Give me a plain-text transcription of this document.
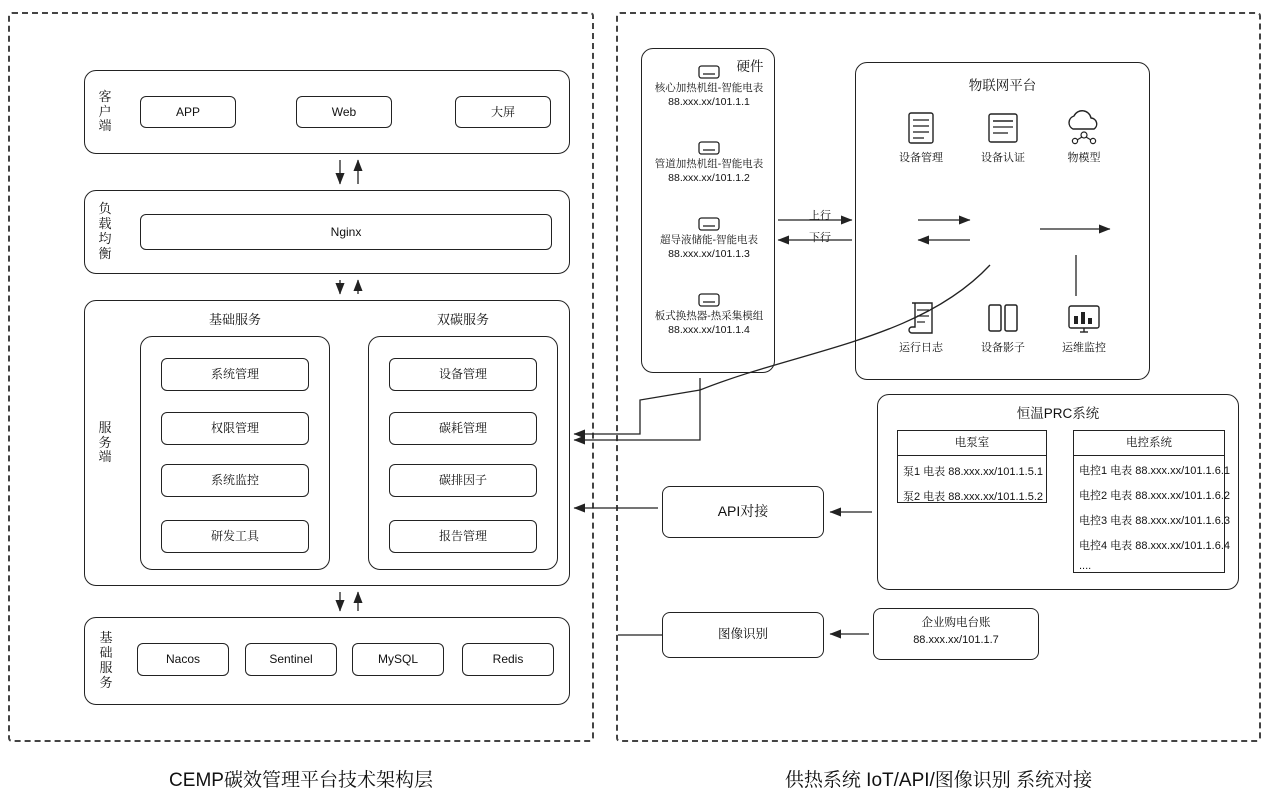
客户端
APP	Web	大屏
负载均衡
Nginx
服务端
基础服务
系统管理
权限管理
系统监控
研发工具
双碳服务
设备管理
碳耗管理
碳排因子
报告管理
基础服务
Nacos	Sentinel	MySQL	Redis
硬件
核心加热机组-智能电表
88.xxx.xx/101.1.1
管道加热机组-智能电表
88.xxx.xx/101.1.2
超导液储能-智能电表
88.xxx.xx/101.1.3
板式换热器-热采集模组
88.xxx.xx/101.1.4
上行
下行
物联网平台
设备管理	设备认证	物模型
运行日志	设备影子	运维监控
恒温PRC系统
电泵室
泵1 电表 88.xxx.xx/101.1.5.1
泵2 电表 88.xxx.xx/101.1.5.2
电控系统
电控1 电表 88.xxx.xx/101.1.6.1
电控2 电表 88.xxx.xx/101.1.6.2
电控3 电表 88.xxx.xx/101.1.6.3
电控4 电表 88.xxx.xx/101.1.6.4
....
API对接
图像识别
企业购电台账
88.xxx.xx/101.1.7
CEMP碳效管理平台技术架构层	供热系统 IoT/API/图像识别 系统对接
